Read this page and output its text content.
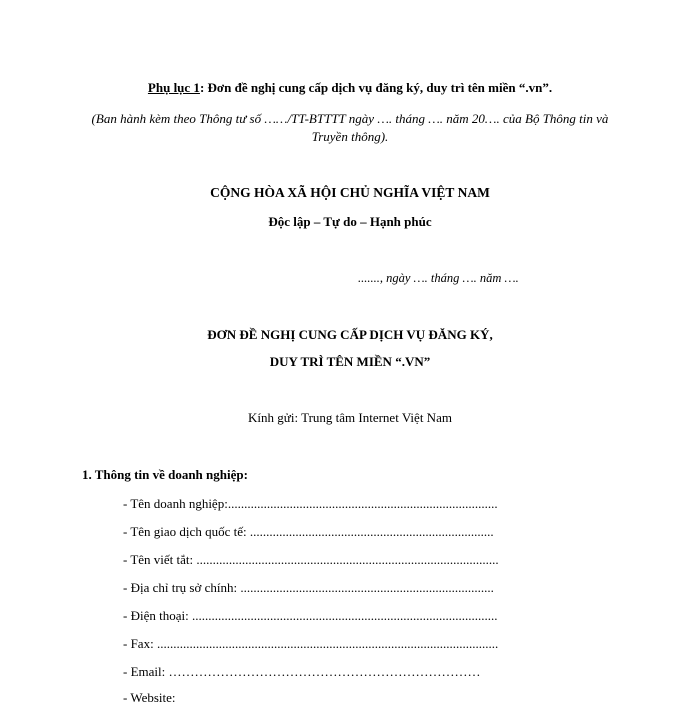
Phụ lục 1: Đơn đề nghị cung cấp dịch vụ đăng ký, duy trì tên miền “.vn”.
(Ban hành kèm theo Thông tư số ……/TT-BTTTT ngày …. tháng …. năm 20…. của Bộ Thông tin và Truyền thông).
CỘNG HÒA XÃ HỘI CHỦ NGHĨA VIỆT NAM
Độc lập – Tự do – Hạnh phúc
......., ngày …. tháng …. năm ….
ĐƠN ĐỀ NGHỊ CUNG CẤP DỊCH VỤ ĐĂNG KÝ,
DUY TRÌ TÊN MIỀN “.VN”
Kính gửi: Trung tâm Internet Việt Nam
1. Thông tin về doanh nghiệp:
- Tên doanh nghiệp:...................................................................................
- Tên giao dịch quốc tế: ...........................................................................
- Tên viết tắt: .............................................................................................
- Địa chỉ trụ sở chính: ..............................................................................
- Điện thoại: ..............................................................................................
- Fax: .........................................................................................................
- Email: ………………………………………………………………
- Website:
